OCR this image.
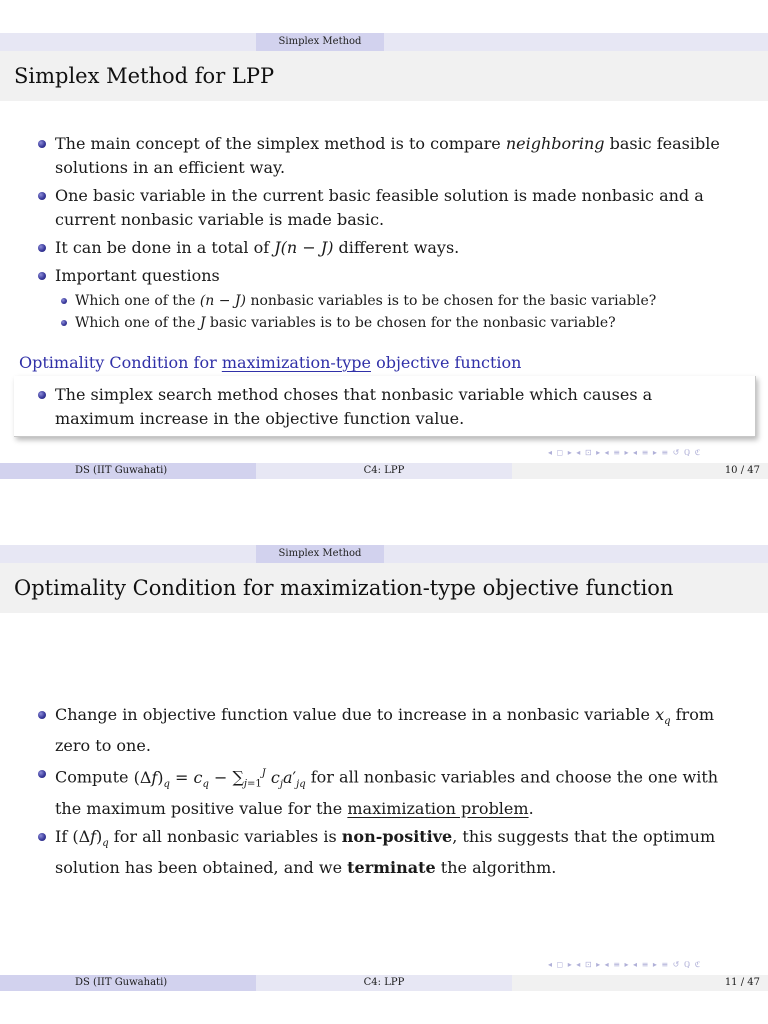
Simplex Method
Simplex Method for LPP
The main concept of the simplex method is to compare neighboring basic feasible solutions in an efficient way.
One basic variable in the current basic feasible solution is made nonbasic and a current nonbasic variable is made basic.
It can be done in a total of J(n − J) different ways.
Important questions
Which one of the (n − J) nonbasic variables is to be chosen for the basic variable?
Which one of the J basic variables is to be chosen for the nonbasic variable?
Optimality Condition for maximization-type objective function
The simplex search method choses that nonbasic variable which causes a maximum increase in the objective function value.
◂ ◻ ▸ ◂ ⊡ ▸ ◂ ≡ ▸ ◂ ≡ ▸ ≡ ↺ ℚ ℭ
DS (IIT Guwahati)	C4: LPP	10 / 47
Simplex Method
Optimality Condition for maximization-type objective function
Change in objective function value due to increase in a nonbasic variable $x_q$ from zero to one.
Compute $(\Delta f)_q = c_q - \sum_{j=1}^J$ $c_ja'_{jq}$ for all nonbasic variables and choose the one with the maximum positive value for the maximization problem.
If $(\Delta f)_q$ for all nonbasic variables is non-positive, this suggests that the optimum solution has been obtained, and we terminate the algorithm.
◂ ◻ ▸ ◂ ⊡ ▸ ◂ ≡ ▸ ◂ ≡ ▸ ≡ ↺ ℚ ℭ
DS (IIT Guwahati)	C4: LPP	11 / 47
